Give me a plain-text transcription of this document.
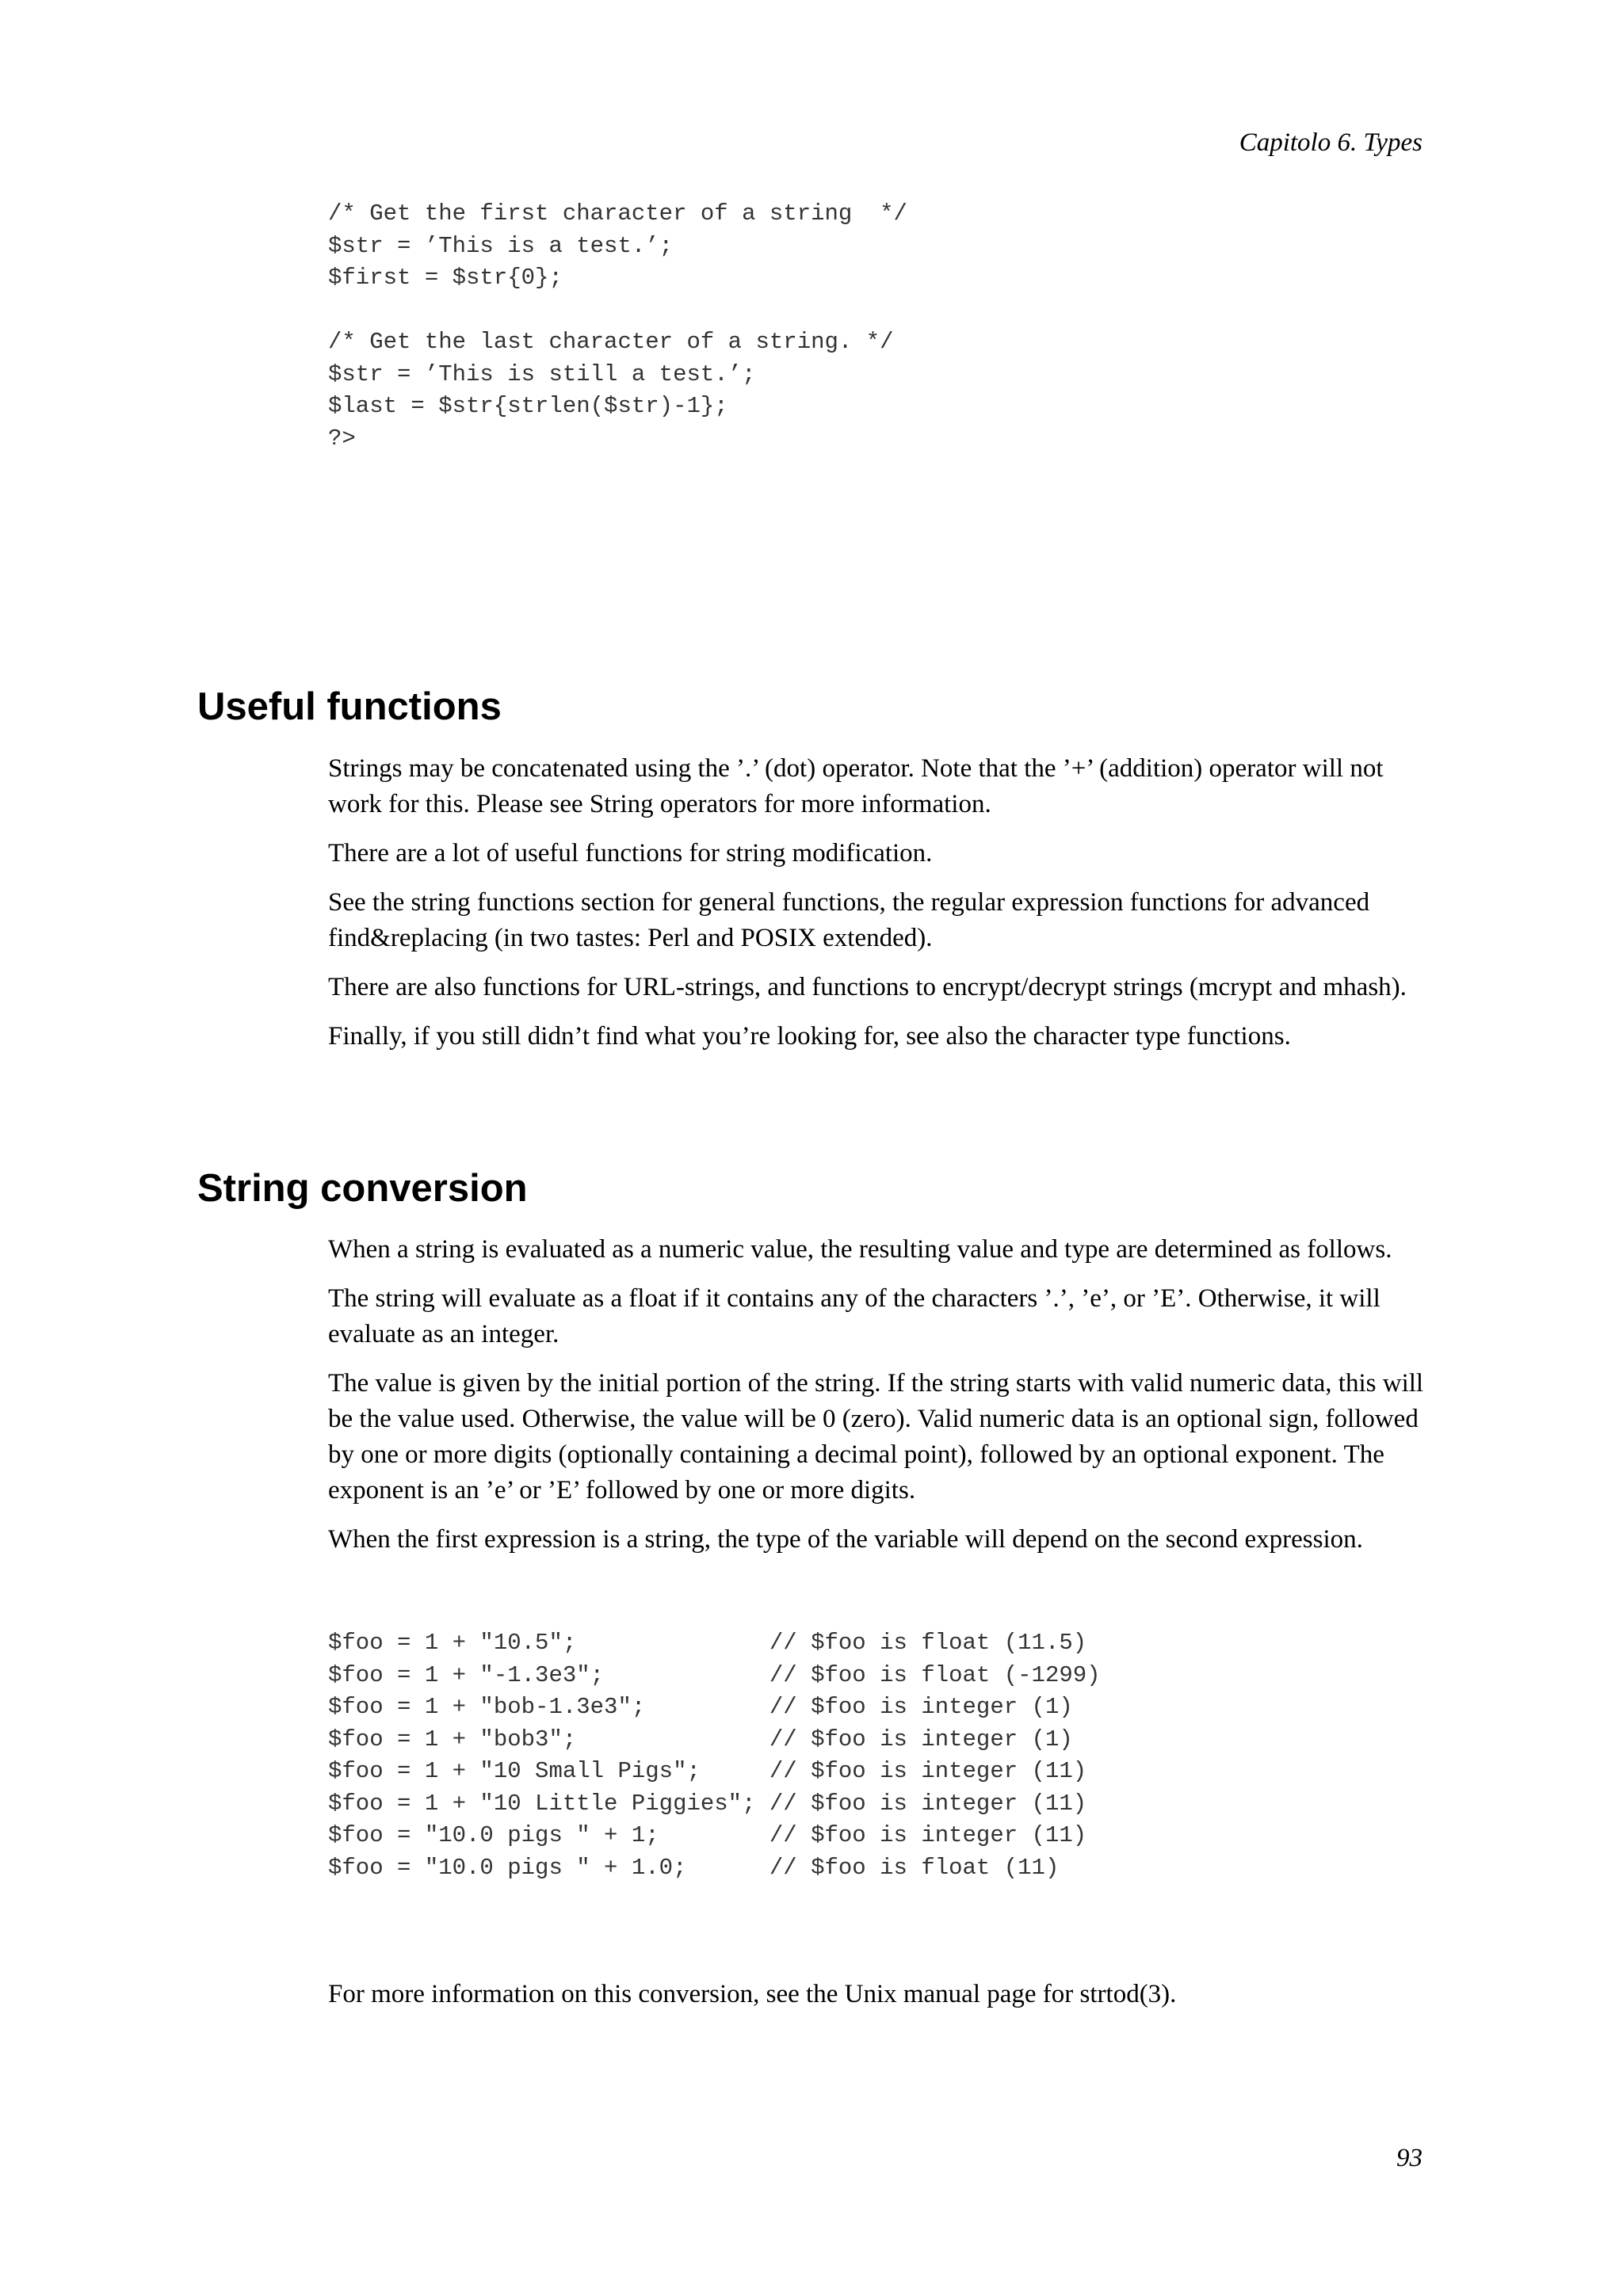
Capitolo 6. Types
/* Get the first character of a string  */
$str = ’This is a test.’;
$first = $str{0};
/* Get the last character of a string. */
$str = ’This is still a test.’;
$last = $str{strlen($str)-1};
?>
Useful functions

Strings may be concatenated using the ’.’ (dot) operator. Note that the ’+’ (addition) operator will not work for this. Please see String operators for more information.

There are a lot of useful functions for string modification.

See the string functions section for general functions, the regular expression functions for advanced find&replacing (in two tastes: Perl and POSIX extended).

There are also functions for URL-strings, and functions to encrypt/decrypt strings (mcrypt and mhash).

Finally, if you still didn’t find what you’re looking for, see also the character type functions.

String conversion

When a string is evaluated as a numeric value, the resulting value and type are determined as follows.

The string will evaluate as a float if it contains any of the characters ’.’, ’e’, or ’E’. Otherwise, it will evaluate as an integer.

The value is given by the initial portion of the string. If the string starts with valid numeric data, this will be the value used. Otherwise, the value will be 0 (zero). Valid numeric data is an optional sign, followed by one or more digits (optionally containing a decimal point), followed by an optional exponent. The exponent is an ’e’ or ’E’ followed by one or more digits.

When the first expression is a string, the type of the variable will depend on the second expression.

$foo = 1 + "10.5";              // $foo is float (11.5)
$foo = 1 + "-1.3e3";            // $foo is float (-1299)
$foo = 1 + "bob-1.3e3";         // $foo is integer (1)
$foo = 1 + "bob3";              // $foo is integer (1)
$foo = 1 + "10 Small Pigs";     // $foo is integer (11)
$foo = 1 + "10 Little Piggies"; // $foo is integer (11)
$foo = "10.0 pigs " + 1;        // $foo is integer (11)
$foo = "10.0 pigs " + 1.0;      // $foo is float (11)

For more information on this conversion, see the Unix manual page for strtod(3).

93
